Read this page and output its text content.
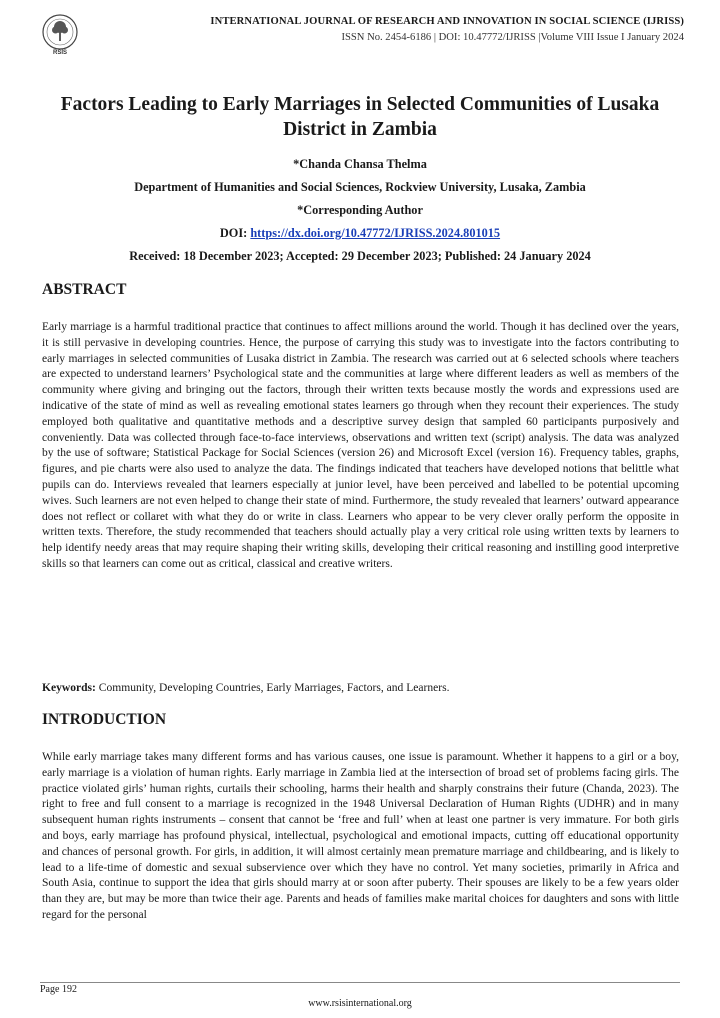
RSIS
INTERNATIONAL JOURNAL OF RESEARCH AND INNOVATION IN SOCIAL SCIENCE (IJRISS)
ISSN No. 2454-6186 | DOI: 10.47772/IJRISS |Volume VIII Issue I January 2024
Factors Leading to Early Marriages in Selected Communities of Lusaka District in Zambia
*Chanda Chansa Thelma
Department of Humanities and Social Sciences, Rockview University, Lusaka, Zambia
*Corresponding Author
DOI: https://dx.doi.org/10.47772/IJRISS.2024.801015
Received: 18 December 2023; Accepted: 29 December 2023; Published: 24 January 2024
ABSTRACT

Early marriage is a harmful traditional practice that continues to affect millions around the world. Though it has declined over the years, it is still pervasive in developing countries. Hence, the purpose of carrying this study was to investigate into the factors contributing to early marriages in selected communities of Lusaka district in Zambia. The research was carried out at 6 selected schools where teachers are expected to understand learners’ Psychological state and the communities at large where different leaders as well as members of the community where giving and bringing out the factors, through their written texts because mostly the words and expressions used are indicative of the state of mind as well as revealing emotional states learners go through when they recount their experiences. The study employed both qualitative and quantitative methods and a descriptive survey design that sampled 60 participants purposively and conveniently. Data was collected through face-to-face interviews, observations and written text (script) analysis. The data was analyzed by the use of software; Statistical Package for Social Sciences (version 26) and Microsoft Excel (version 16). Frequency tables, graphs, figures, and pie charts were also used to analyze the data. The findings indicated that teachers have developed notions that belittle what pupils can do. Interviews revealed that learners especially at junior level, have been perceived and labelled to be potential upcoming wives. Such learners are not even helped to change their state of mind. Furthermore, the study revealed that learners’ outward appearance does not reflect or collaret with what they do or write in class. Learners who appear to be very clever orally perform the opposite in written texts. Therefore, the study recommended that teachers should actually play a very critical role using written texts by learners to help identify needy areas that may require shaping their writing skills, developing their critical reasoning and instilling good interpretive skills so that learners can come out as critical, classical and creative writers.

Keywords: Community, Developing Countries, Early Marriages, Factors, and Learners.
INTRODUCTION

While early marriage takes many different forms and has various causes, one issue is paramount. Whether it happens to a girl or a boy, early marriage is a violation of human rights. Early marriage in Zambia lied at the intersection of broad set of problems facing girls. The practice violated girls’ human rights, curtails their schooling, harms their health and sharply constrains their future (Chanda, 2023). The right to free and full consent to a marriage is recognized in the 1948 Universal Declaration of Human Rights (UDHR) and in many subsequent human rights instruments – consent that cannot be ‘free and full’ when at least one partner is very immature. For both girls and boys, early marriage has profound physical, intellectual, psychological and emotional impacts, cutting off educational opportunity and chances of personal growth. For girls, in addition, it will almost certainly mean premature marriage and childbearing, and is likely to lead to a life-time of domestic and sexual subservience over which they have no control. Yet many societies, primarily in Africa and South Asia, continue to support the idea that girls should marry at or soon after puberty. Their spouses are likely to be a few years older than they are, but may be more than twice their age. Parents and heads of families make marital choices for daughters and sons with little regard for the personal

Page 192
www.rsisinternational.org
